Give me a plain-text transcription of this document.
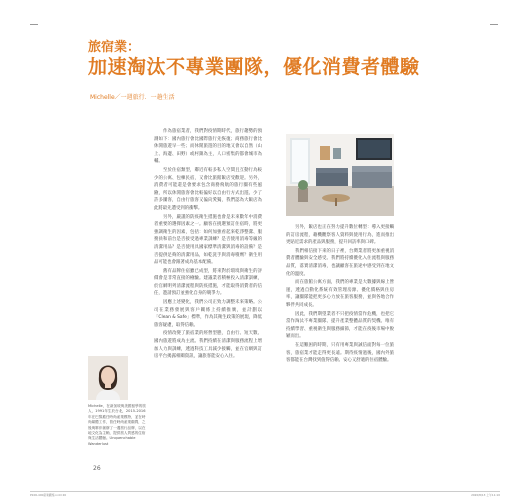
旅宿業：
加速淘汰不專業團隊，優化消費者體驗
Michelle／一週旅行．一趟生活

作為旅宿業者，我們對疫情期時代，旅行趨勢的預測如下：國內旅行會比國際旅行先恢復；商務旅行會比休閒旅遊早一些；而休閒旅遊的目的地又會以自然（山上、海邊、田野）或村鎮為主，人口密集的都會城市為輔。

至於住宿類型，鄰近有較多私人空間且互動行為較少的公寓、包棟民宿，又會比旅館飯店受歡迎。另外，消費者可能還是會要求包含商務飛航的旅行團有些風險，所以休閒旅客會比較偏好以自由行方式出遊。少了許多團客，自由行旅客又偏向愛獨，我們認為大飯店為此將最先遭受到的衝擊。

另外，嚴謹的防疫衛生措施也會是未來數年中消費者重要的選擇因素之一。顧客在挑選預訂住宿時，將更強調衛生的因素，包括：如何加強看起來乾淨整潔、服務員和前台是否接受過專業訓練？是否使用消毒等級的清潔用品？是否使用具國家標準清潔與消毒的設備？是否提供足夠的清潔用品，如乾洗手與消毒噴劑？衛生用品可能也會跟著成為基本配備。

舊有品牌住宿雖已成型，將來對於環境與衛生的評價會是非常直接的檢驗。建議業者積極投入清潔訓練，於官網明列清潔流程與防疫措施，才能取得消費者的信任，邀請預訂並強化自身的競爭力。

因應上述變化，我們公司正致力調整未來策略。公司在業務發展與客戶關係上持續推廣，並計劃以「Clean & Safe」標準，作為其衛生政策的展現，降低旅客疑慮，取得信賴。

疫情改變了旅宿業的經營型態，自由行、短天數、國內旅遊將成為主流。我們持續在清潔與服務流程上增加人力與訓練，透過科技工具減少接觸，並在官網與訂房平台揭露相關資訊，讓旅客能安心入住。

另外，飯店也正在努力提升數位轉型：導入更接觸的訂房流程，藉機觀察客人資料與使用行為，進而推出更貼近需求的產品與服務，提升回訪率與口碑。

我們相信接下來的日子裡，台灣業者將更加重視消費者體驗與安全感受。我們將持續優化入住流程與服務品質，落實清潔消毒，也讓顧客在旅途中感受到在地文化的溫度。

而在旅館公寓方面，我們的專業是大數據與線上營運，透過自動化系統有效管理房源、優化價格與住房率，讓團隊能把更多心力放在旅客服務，並與各地合作夥伴共同成長。

因此，我們期望業者不只把疫情當作危機，也把它當作淘汰不專業團隊、提升產業整體品質的契機。唯有持續學習、重視衛生與服務細節，才能在疫後市場中脫穎而出。

在這艱困的時期，只有用專業與誠信面對每一位旅客，旅宿業才能走得更長遠。期待疫情過後，國內外旅客都能在台灣找到值得信賴、安心又舒適的住宿體驗。

Michelle，在新加坡與美國留學的旅人，1991年生於台北，2015-2016年在巴黎擔任時尚產業模特，並在時尚媒體工作，曾任時尚產業顧問，之後與夥伴創辦了一週旅行品牌，以在地文化為主軸，提供旅人質感的住宿與生活體驗。Unquenchable Wanderlust
26
P106-400產業觀察.indd 26	2020/8/13 上午11:10
